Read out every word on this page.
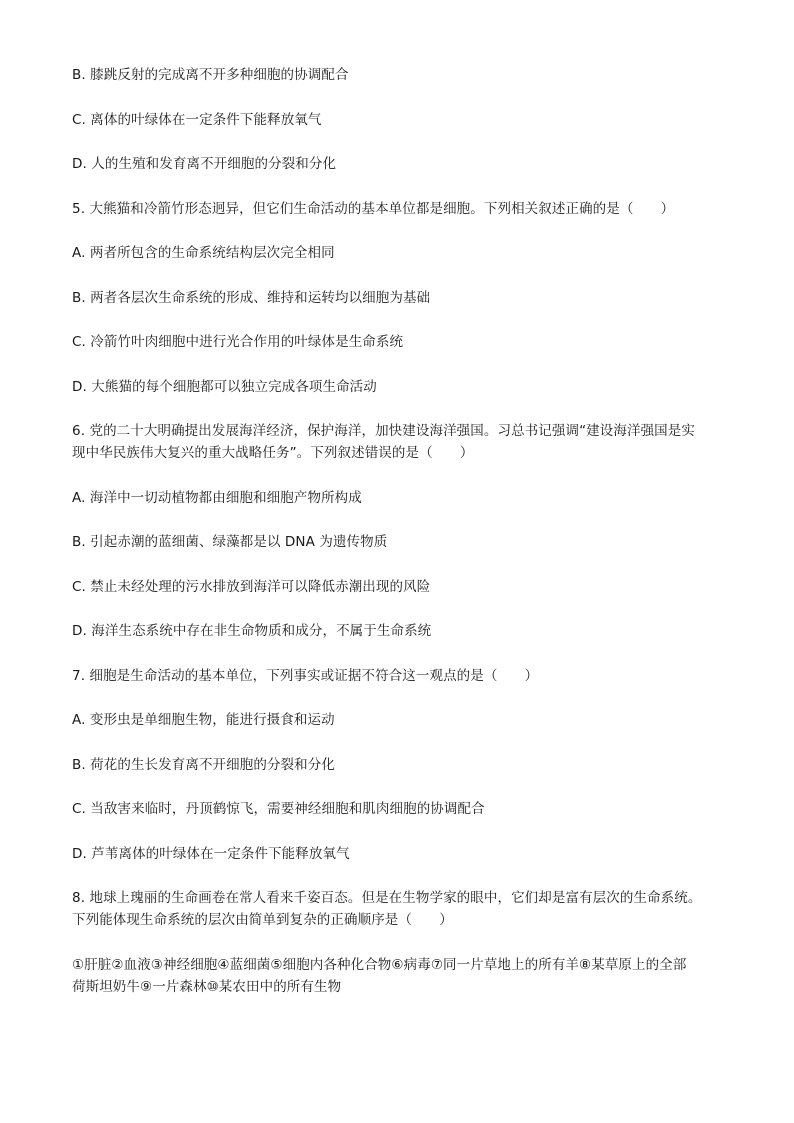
B. 膝跳反射的完成离不开多种细胞的协调配合
C. 离体的叶绿体在一定条件下能释放氧气
D. 人的生殖和发育离不开细胞的分裂和分化
5. 大熊猫和冷箭竹形态迥异，但它们生命活动的基本单位都是细胞。下列相关叙述正确的是（　　）
A. 两者所包含的生命系统结构层次完全相同
B. 两者各层次生命系统的形成、维持和运转均以细胞为基础
C. 冷箭竹叶肉细胞中进行光合作用的叶绿体是生命系统
D. 大熊猫的每个细胞都可以独立完成各项生命活动
6. 党的二十大明确提出发展海洋经济，保护海洋，加快建设海洋强国。习总书记强调“建设海洋强国是实
现中华民族伟大复兴的重大战略任务”。下列叙述错误的是（　　）
A. 海洋中一切动植物都由细胞和细胞产物所构成
B. 引起赤潮的蓝细菌、绿藻都是以 DNA 为遗传物质
C. 禁止未经处理的污水排放到海洋可以降低赤潮出现的风险
D. 海洋生态系统中存在非生命物质和成分，不属于生命系统
7. 细胞是生命活动的基本单位，下列事实或证据不符合这一观点的是（　　）
A. 变形虫是单细胞生物，能进行摄食和运动
B. 荷花的生长发育离不开细胞的分裂和分化
C. 当敌害来临时，丹顶鹤惊飞，需要神经细胞和肌肉细胞的协调配合
D. 芦苇离体的叶绿体在一定条件下能释放氧气
8. 地球上瑰丽的生命画卷在常人看来千姿百态。但是在生物学家的眼中，它们却是富有层次的生命系统。
下列能体现生命系统的层次由简单到复杂的正确顺序是（　　）
①肝脏②血液③神经细胞④蓝细菌⑤细胞内各种化合物⑥病毒⑦同一片草地上的所有羊⑧某草原上的全部
荷斯坦奶牛⑨一片森林⑩某农田中的所有生物
